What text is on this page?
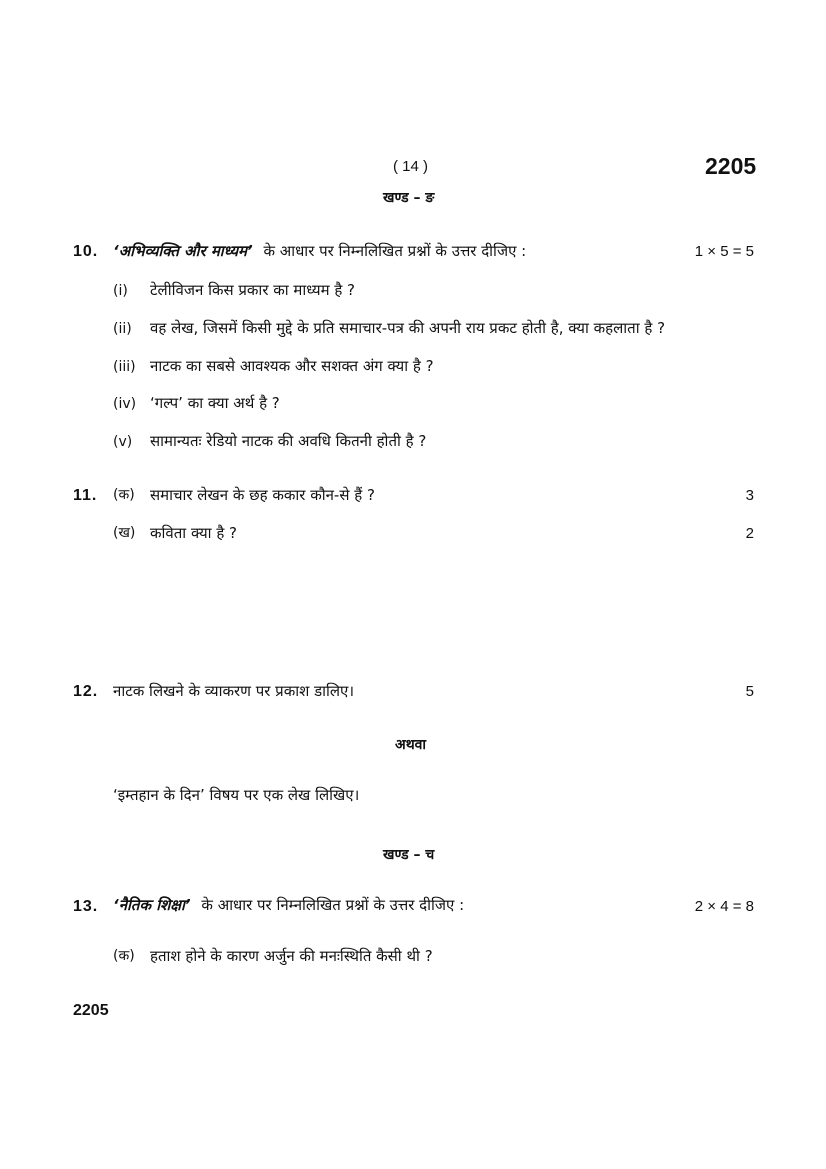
( 14 )	2205
खण्ड – ङ
10. ‘अभिव्यक्ति और माध्यम’ के आधार पर निम्नलिखित प्रश्नों के उत्तर दीजिए :	1 × 5 = 5
(i) टेलीविजन किस प्रकार का माध्यम है ?
(ii) वह लेख, जिसमें किसी मुद्दे के प्रति समाचार-पत्र की अपनी राय प्रकट होती है, क्या कहलाता है ?
(iii) नाटक का सबसे आवश्यक और सशक्त अंग क्या है ?
(iv) ‘गल्प’ का क्या अर्थ है ?
(v) सामान्यतः रेडियो नाटक की अवधि कितनी होती है ?
11. (क) समाचार लेखन के छह ककार कौन-से हैं ?	3
(ख) कविता क्या है ?	2
12. नाटक लिखने के व्याकरण पर प्रकाश डालिए।	5
अथवा
‘इम्तहान के दिन’ विषय पर एक लेख लिखिए।
खण्ड – च
13. ‘नैतिक शिक्षा’ के आधार पर निम्नलिखित प्रश्नों के उत्तर दीजिए :	2 × 4 = 8
(क) हताश होने के कारण अर्जुन की मनःस्थिति कैसी थी ?
2205
